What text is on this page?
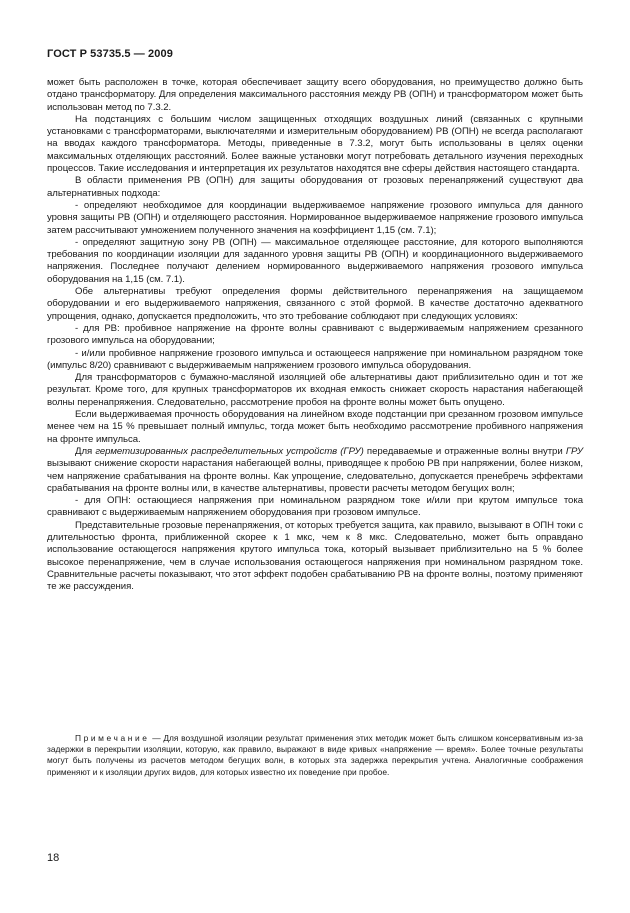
ГОСТ Р 53735.5 — 2009

может быть расположен в точке, которая обеспечивает защиту всего оборудования, но преимущество должно быть отдано трансформатору. Для определения максимального расстояния между РВ (ОПН) и трансформатором может быть использован метод по 7.3.2.

На подстанциях с большим числом защищенных отходящих воздушных линий (связанных с крупными установками с трансформаторами, выключателями и измерительным оборудованием) РВ (ОПН) не всегда располагают на вводах каждого трансформатора. Методы, приведенные в 7.3.2, могут быть использованы в целях оценки максимальных отделяющих расстояний. Более важные установки могут потребовать детального изучения переходных процессов. Такие исследования и интерпретация их результатов находятся вне сферы действия настоящего стандарта.

В области применения РВ (ОПН) для защиты оборудования от грозовых перенапряжений существуют два альтернативных подхода:

- определяют необходимое для координации выдерживаемое напряжение грозового импульса для данного уровня защиты РВ (ОПН) и отделяющего расстояния. Нормированное выдерживаемое напряжение грозового импульса затем рассчитывают умножением полученного значения на коэффициент 1,15 (см. 7.1);

- определяют защитную зону РВ (ОПН) — максимальное отделяющее расстояние, для которого выполняются требования по координации изоляции для заданного уровня защиты РВ (ОПН) и координационного выдерживаемого напряжения. Последнее получают делением нормированного выдерживаемого напряжения грозового импульса оборудования на 1,15 (см. 7.1).

Обе альтернативы требуют определения формы действительного перенапряжения на защищаемом оборудовании и его выдерживаемого напряжения, связанного с этой формой. В качестве достаточно адекватного упрощения, однако, допускается предположить, что это требование соблюдают при следующих условиях:

- для РВ: пробивное напряжение на фронте волны сравнивают с выдерживаемым напряжением срезанного грозового импульса на оборудовании;

- и/или пробивное напряжение грозового импульса и остающееся напряжение при номинальном разрядном токе (импульс 8/20) сравнивают с выдерживаемым напряжением грозового импульса оборудования.

Для трансформаторов с бумажно-масляной изоляцией обе альтернативы дают приблизительно один и тот же результат. Кроме того, для крупных трансформаторов их входная емкость снижает скорость нарастания набегающей волны перенапряжения. Следовательно, рассмотрение пробоя на фронте волны может быть опущено.

Если выдерживаемая прочность оборудования на линейном входе подстанции при срезанном грозовом импульсе менее чем на 15 % превышает полный импульс, тогда может быть необходимо рассмотрение пробивного напряжения на фронте импульса.

Для герметизированных распределительных устройств (ГРУ) передаваемые и отраженные волны внутри ГРУ вызывают снижение скорости нарастания набегающей волны, приводящее к пробою РВ при напряжении, более низком, чем напряжение срабатывания на фронте волны. Как упрощение, следовательно, допускается пренебречь эффектами срабатывания на фронте волны или, в качестве альтернативы, провести расчеты методом бегущих волн;

- для ОПН: остающиеся напряжения при номинальном разрядном токе и/или при крутом импульсе тока сравнивают с выдерживаемым напряжением оборудования при грозовом импульсе.

Представительные грозовые перенапряжения, от которых требуется защита, как правило, вызывают в ОПН токи с длительностью фронта, приближенной скорее к 1 мкс, чем к 8 мкс. Следовательно, может быть оправдано использование остающегося напряжения крутого импульса тока, который вызывает приблизительно на 5 % более высокое перенапряжение, чем в случае использования остающегося напряжения при номинальном разрядном токе. Сравнительные расчеты показывают, что этот эффект подобен срабатыванию РВ на фронте волны, поэтому применяют те же рассуждения.

Примечание — Для воздушной изоляции результат применения этих методик может быть слишком консервативным из-за задержки в перекрытии изоляции, которую, как правило, выражают в виде кривых «напряжение — время». Более точные результаты могут быть получены из расчетов методом бегущих волн, в которых эта задержка перекрытия учтена. Аналогичные соображения применяют и к изоляции других видов, для которых известно их поведение при пробое.

18
